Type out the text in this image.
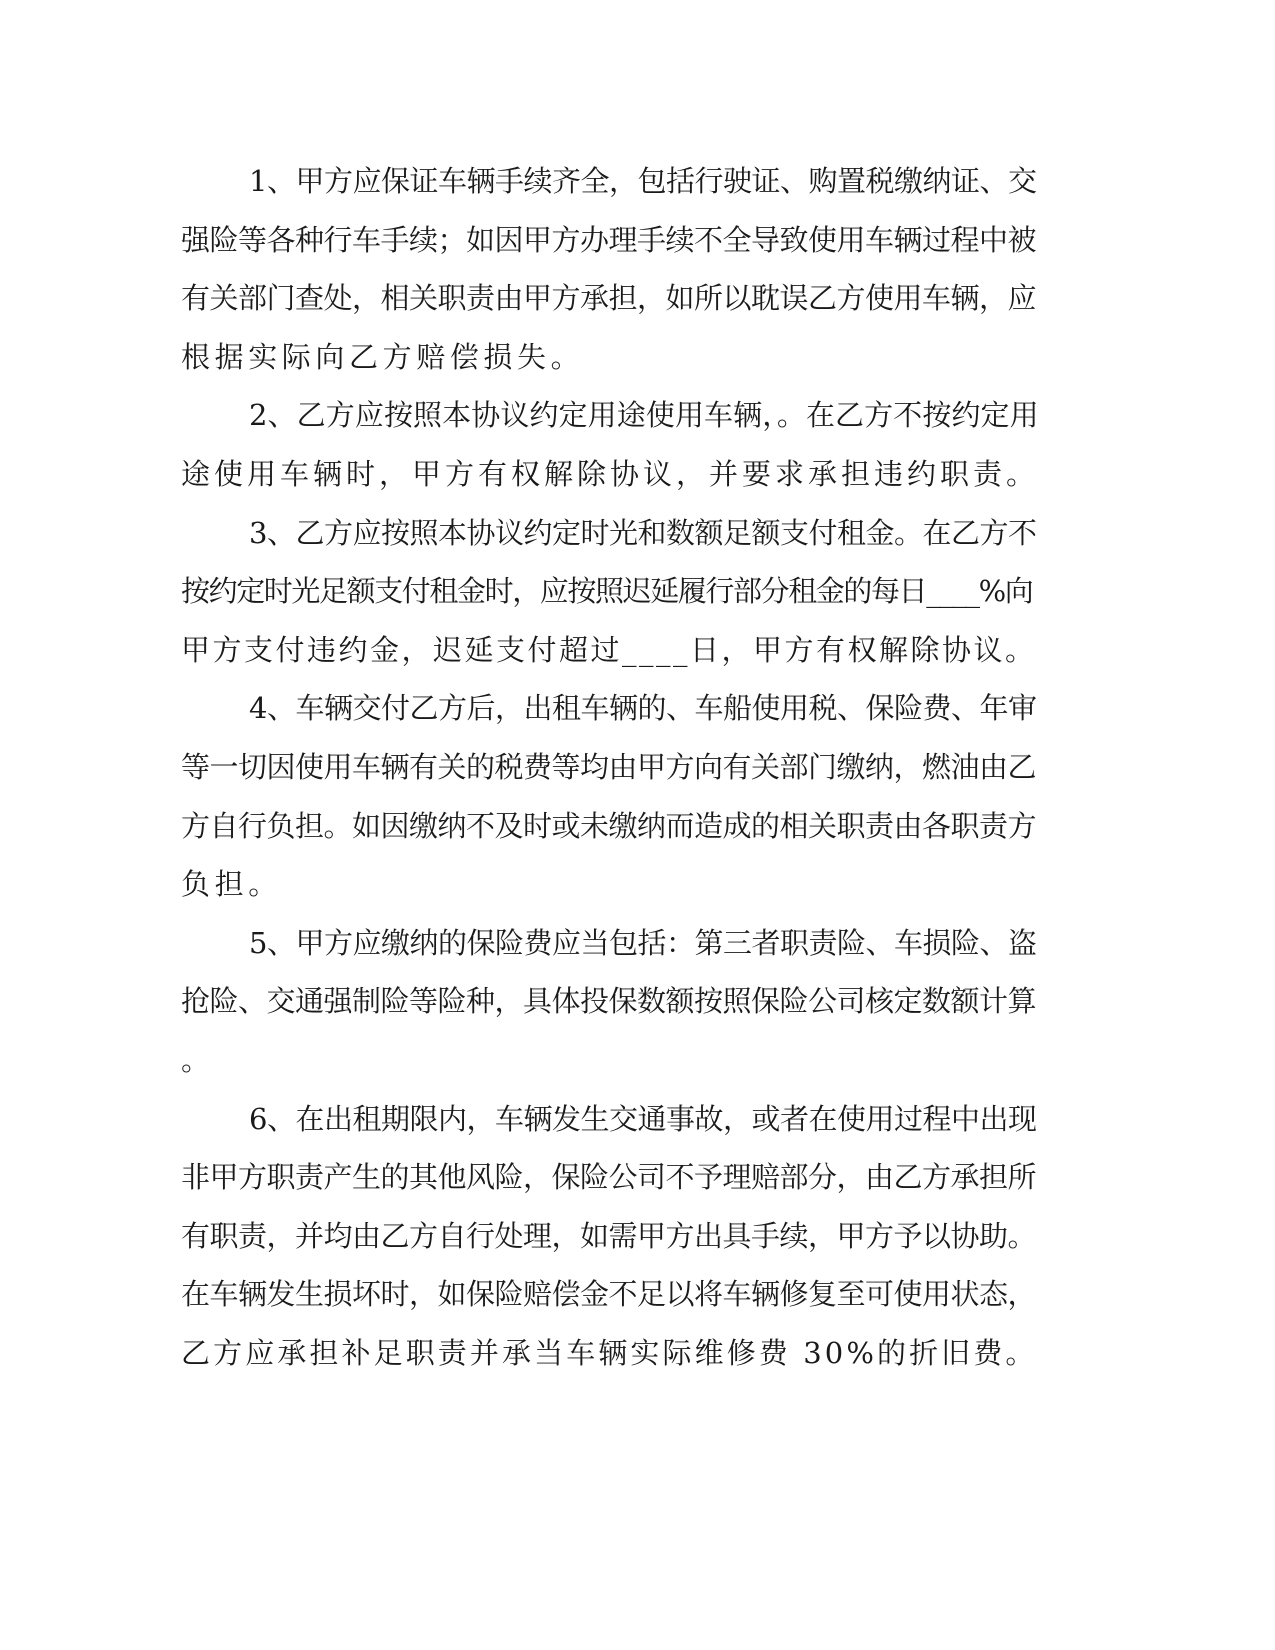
1、甲方应保证车辆手续齐全，包括行驶证、购置税缴纳证、交
强险等各种行车手续；如因甲方办理手续不全导致使用车辆过程中被
有关部门查处，相关职责由甲方承担，如所以耽误乙方使用车辆，应
根据实际向乙方赔偿损失。
2、乙方应按照本协议约定用途使用车辆，。在乙方不按约定用
途使用车辆时，甲方有权解除协议，并要求承担违约职责。
3、乙方应按照本协议约定时光和数额足额支付租金。在乙方不
按约定时光足额支付租金时，应按照迟延履行部分租金的每日____%向
甲方支付违约金，迟延支付超过____日，甲方有权解除协议。
4、车辆交付乙方后，出租车辆的、车船使用税、保险费、年审
等一切因使用车辆有关的税费等均由甲方向有关部门缴纳，燃油由乙
方自行负担。如因缴纳不及时或未缴纳而造成的相关职责由各职责方
负担。
5、甲方应缴纳的保险费应当包括：第三者职责险、车损险、盗
抢险、交通强制险等险种，具体投保数额按照保险公司核定数额计算
。
6、在出租期限内，车辆发生交通事故，或者在使用过程中出现
非甲方职责产生的其他风险，保险公司不予理赔部分，由乙方承担所
有职责，并均由乙方自行处理，如需甲方出具手续，甲方予以协助。
在车辆发生损坏时，如保险赔偿金不足以将车辆修复至可使用状态，
乙方应承担补足职责并承当车辆实际维修费 30%的折旧费。
